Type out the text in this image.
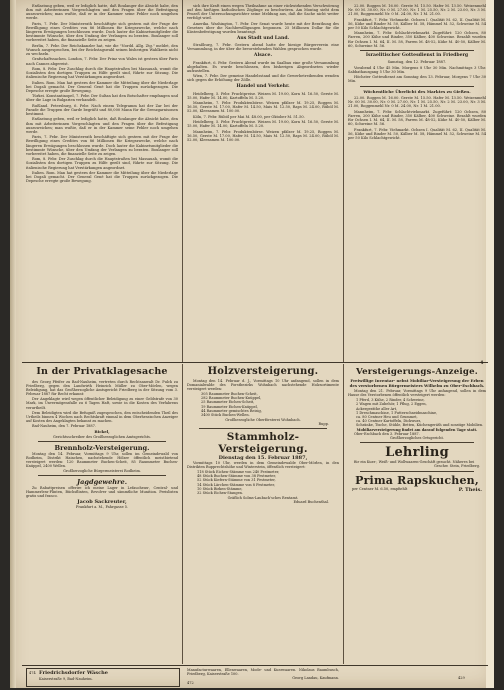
Entlastung geben, weil er lediglich hatte, daß Boulanger die Absicht habe, den ihm mit Arbeiterinnen Vorgeschlagten und den Fragen über die Befestigung auszuweichen; man wußte, daß er in der Kammer seine Fehler noch umgehen werde.

Paris, 7. Febr. Der Ministerrath beschäftigte sich gestern mit der Frage der Bewilligung eines Credites von 86 Millionen für Kriegszwecke, welche nach längeren Erwägungen beschlossen wurde. Doch lauter die Kabinetsmitglieder die bestimmte Wünsche, über den Umfang der Verlangen zu beraten. Boulanger soll vorbereitet haben, die finanzielle Seite zu zeigen.

Berlin, 7. Febr. Der Reichskanzler hat, wie die "Nordd. Allg. Ztg." meldet, den Wunsch ausgesprochen, bei der Reichstagswahl seinen bisherigen Wahlkreis nicht zu wechseln.

Grafschaftssachen. London, 7. Febr. Der Prinz von Wales ist gestern über Paris nach Cannes abgereist.

Rom, 8. Febr. Der Zuschlag durch die Hauptstraßen bei Massauah, womit die Sozialisten den dortigen Truppen zu Hilfe geeilt sind, führte zur Sitzung. Die italienische Regierung hat Verstärkungen angeordnet.

Italien. Rom. Man hat gestern der Kammer die Mitteilung über die Niederlage bei Dogali gemacht. Der General Gené hat die Truppen zurückgezogen. Die Depesche erregte große Bewegung.

Türkei. Konstantinopel, 7. Febr. Der Sultan hat den Botschafter empfangen und über die Lage in Bulgarien verhandelt.

Rußland. Petersburg, 6. Febr. Nach einem Telegramm hat der Zar bei der Parade die Truppen der Garde begrüßt und 80,000 Mann für die Grenzgarnisonen bestimmt.

Entlastung geben, weil er lediglich hatte, daß Boulanger die Absicht habe, den ihm mit Arbeiterinnen Vorgeschlagten und den Fragen über die Befestigung auszuweichen; man wußte, daß er in der Kammer seine Fehler noch umgehen werde.

Paris, 7. Febr. Der Ministerrath beschäftigte sich gestern mit der Frage der Bewilligung eines Credites von 86 Millionen für Kriegszwecke, welche nach längeren Erwägungen beschlossen wurde. Doch lauter die Kabinetsmitglieder die bestimmte Wünsche, über den Umfang der Verlangen zu beraten. Boulanger soll vorbereitet haben, die finanzielle Seite zu zeigen.

Rom, 8. Febr. Der Zuschlag durch die Hauptstraßen bei Massauah, womit die Sozialisten den dortigen Truppen zu Hilfe geeilt sind, führte zur Sitzung. Die italienische Regierung hat Verstärkungen angeordnet.

Italien. Rom. Man hat gestern der Kammer die Mitteilung über die Niederlage bei Dogali gemacht. Der General Gené hat die Truppen zurückgezogen. Die Depesche erregte große Bewegung.

sich ihre Kraft einen wegen Theilnahme an einer rückwirkenden Verschwörung auf den hießigen katholischen Zöglinge zu beschwören. Am Montag sieht dem Prozeß der Untersuchungsrichter seine Meldung aus, daß die Sache nicht weiter verfolgt wird.

Amerika. Washington, 7. Febr. Der Senat wurde heute mit der Berathung des Gesetzes über die Nachbewilligungen begonnen. 25 Millionen Dollar für die Küstenbefestigung wurden beantragt.

Aus Stadt und Land.

Straßburg, 7. Febr. Gestern abend hatte der hiesige Bürgerverein eine Versammlung, in der über die bevorstehenden Wahlen gesprochen wurde.

Alsace.

Frankfurt, 6. Febr. Gestern Abend wurde im Saalbau eine große Versammlung abgehalten. Es wurde beschlossen, den bisherigen Abgeordneten wieder aufzustellen.

Wien, 7. Febr. Der gemeine Handelsstand und die Gewerbetreibenden wenden sich gegen die Erhöhung der Zölle.

Handel und Verkehr.

Heidelberg, 5. Febr. Fruchtpreise. Weizen M. 19.00, Korn M. 16.50, Gerste M. 15.00, Hafer M. 14.00, Kartoffeln M. 5.20.

Mannheim, 7. Febr. Produktenbörse. Weizen pfälzer M. 19.25, Roggen M. 16.50, Gerste M. 17.00, Hafer M. 14.50, Mais M. 12.50, Raps M. 24.00, Rüböl M. 52.00, Kleesamen M. 100.00.

Köln, 7. Febr. Rüböl per Mai M. 48.00, per Oktober M. 51.50.

Heidelberg, 5. Febr. Fruchtpreise. Weizen M. 19.00, Korn M. 16.50, Gerste M. 15.00, Hafer M. 14.00, Kartoffeln M. 5.20.

Mannheim, 7. Febr. Produktenbörse. Weizen pfälzer M. 19.25, Roggen M. 16.50, Gerste M. 17.00, Hafer M. 14.50, Mais M. 12.50, Raps M. 24.00, Rüböl M. 52.00, Kleesamen M. 100.00.

22.00. Roggen M. 16.00. Gerste M. 15.50. Hafer M. 13.50. Weizenmehl Nr. 00 M. 30.00, Nr. 0 M. 27.00, Nr. 1 M. 25.50, Nr. 2 M. 23.00, Nr. 3 M. 21.00, Roggenmehl Nr. 0 M. 24.00, Nr. 1 M. 21.00.

Frankfurt, 7. Febr. Viehmarkt. Ochsen I. Qualität M. 62, II. Qualität M. 56, Kühe und Rinder M. 50, Kälber M. 58, Hämmel M. 52, Schweine M. 54 per 50 Kilo Schlachtgewicht.

Mannheim, 7. Febr. Schlachtviehmarkt. Zugeführt: 120 Ochsen, 80 Farren, 200 Kühe und Rinder, 350 Kälber, 400 Schweine. Bezahlt wurden für Ochsen I. M. 64, II. M. 58, Farren M. 48-52, Kühe M. 40-50, Kälber M. 60, Schweine M. 56.

Israelitischer Gottesdienst in Friedberg

Samstag, den 12. Februar 1887.

Vorabend 4 Uhr 45 Min. Morgens 8 Uhr 30 Min. Nachmittags 3 Uhr. Sabbathausgang 5 Uhr 30 Min.

Höchster Gottesdienst am Sonntag den 13. Februar, Morgens 7 Uhr 30 Min.

Wöchentliche Überlicht des Marktes zu Gießen.

22.00. Roggen M. 16.00. Gerste M. 15.50. Hafer M. 13.50. Weizenmehl Nr. 00 M. 30.00, Nr. 0 M. 27.00, Nr. 1 M. 25.50, Nr. 2 M. 23.00, Nr. 3 M. 21.00, Roggenmehl Nr. 0 M. 24.00, Nr. 1 M. 21.00.

Mannheim, 7. Febr. Schlachtviehmarkt. Zugeführt: 120 Ochsen, 80 Farren, 200 Kühe und Rinder, 350 Kälber, 400 Schweine. Bezahlt wurden für Ochsen I. M. 64, II. M. 58, Farren M. 48-52, Kühe M. 40-50, Kälber M. 60, Schweine M. 56.

Frankfurt, 7. Febr. Viehmarkt. Ochsen I. Qualität M. 62, II. Qualität M. 56, Kühe und Rinder M. 50, Kälber M. 58, Hämmel M. 52, Schweine M. 54 per 50 Kilo Schlachtgewicht.

In der Privatklagesache
des Georg Pfeifer zu Bad-Nauheim, vertreten durch Rechtsanwalt Dr. Pulch zu Friedberg, gegen den Landwirth Heinrich Müller zu Ober-Mörlen, wegen Beleidigung, hat das Großherzogliche Amtsgericht Friedberg in der Sitzung vom 3. Februar 1887 für Recht erkannt:
Der Angeklagte wird wegen öffentlicher Beleidigung zu einer Geldstrafe von 30 Mark, im Unvermögensfalle zu 6 Tagen Haft, sowie in die Kosten des Verfahrens verurtheilt.
Dem Beleidigten wird die Befugniß zugesprochen, den entscheidenden Theil des Urtheils binnen 4 Wochen nach Rechtskraft einmal in dem Oberhessischen Anzeiger auf Kosten des Angeklagten bekannt zu machen.
Bad-Nauheim, den 7. Februar 1887.
Bickel,
Gerichtsschreiber des Großherzoglichen Amtsgerichts.
Brennholz-Versteigerung.
Montag den 14. Februar, Vormittags 9 Uhr, sollen im Gemeindewald von Rodheim, Distrikt Hainchen, nachstehende Hölzer öffentlich meistbietend versteigert werden: 120 Raummeter Buchen-Scheit, 85 Raummeter Buchen-Knüppel, 2400 Wellen.
Großherzogliche Bürgermeisterei Rodheim.
Jagdgewehre.
Zu Rabattpreisen offerire ich meine Lager in Lefaucheux-, Central- und Hammerless-Flinten, Büchsflinten, Revolver und sämmtliche Munition. Preislisten gratis und franco.
Jacob Sackreuter,
Frankfurt a. M., Fahrgasse 5.
Holzversteigerung.
Montag den 14. Februar d. J., Vormittags 10 Uhr anfangend, sollen in dem Domanialwalde des Forstbezirks Wohnbach nachstehende Holzsortimente versteigert werden:
305 Raummeter Buchen-Scheit,
282 Raummeter Buchen-Knüppel,
25 Raummeter Eichen-Scheit,
19 Raummeter Eichen-Knüppel,
44 Raummeter gemischtes Reisig,
3400 Stück Buchen-Wellen.
Großherzogliche Oberförsterei Wohnbach.
Rupp.
Stammholz-Versteigerung.
Dienstag den 15. Februar 1887,
Vormittags 10 Uhr, werden in dem Gemeindewalde Ober-Mörlen, in den Distrikten Rupprechtshöhe und Winterstein, öffentlich versteigert:
118 Stück Eichen-Stämme von 240 Festmeter,
48 Stück Buchen-Stämme von 38 Festmeter,
52 Stück Kiefern-Stämme von 31 Festmeter,
14 Stück Lärchen-Stämme von 8 Festmeter,
10 Stück Birken-Stämme,
32 Stück Eichen-Stangen.
Gräflich Solms-Laubach'sches Rentamt.
Eduard Buchenthal.
Versteigerungs-Anzeige.
Freiwillige Inventar- nebst Mobiliar-Versteigerung der Erben des verstorbenen Bürgermeisters Wilhelm zu Ober-Eschbach.
Montag den 21. Februar, Vormittags 9 Uhr anfangend, sollen in dem Hause des Verstorbenen öffentlich versteigert werden:
1 Pferd, 3 Kühe, 2 Rinder, 4 Schweine,
2 Wagen mit Zubehör, 1 Pflug, 2 Eggen,
Ackergeräthe aller Art,
1 Dreschmaschine, 1 Futterschneidmaschine,
ca. 80 Centner Heu und Grummet,
ca. 40 Centner Kartoffeln, Dickwurz,
Schränke, Tische, Stühle, Betten, Küchengeräth und sonstige Mobilien.
Mobiliarversteigerung findet am darauf folgenden Tage statt.
Ober-Eschbach den 3. Februar 1887.
Großherzogliches Ortsgericht.
Lehrling
für ein Kurz-, Weiß- und Wollwaaren-Geschäft gesucht. Näheres bei
Geschw. Stein, Friedberg.
Prima Rapskuchen,
per Centner M. 6.50, empfiehlt	P. Theis.
Friedrichsdorfer Wäsche
Kaiserstraße 9, Bad-Nauheim.
474
Manufacturwaaren, Ellenwaaren, Mode- und Kurzwaaren. Nikolaus Baumbusch, Friedberg, Kaiserstraße 100.
Georg Landau, Kaufmann.
472
429
4
